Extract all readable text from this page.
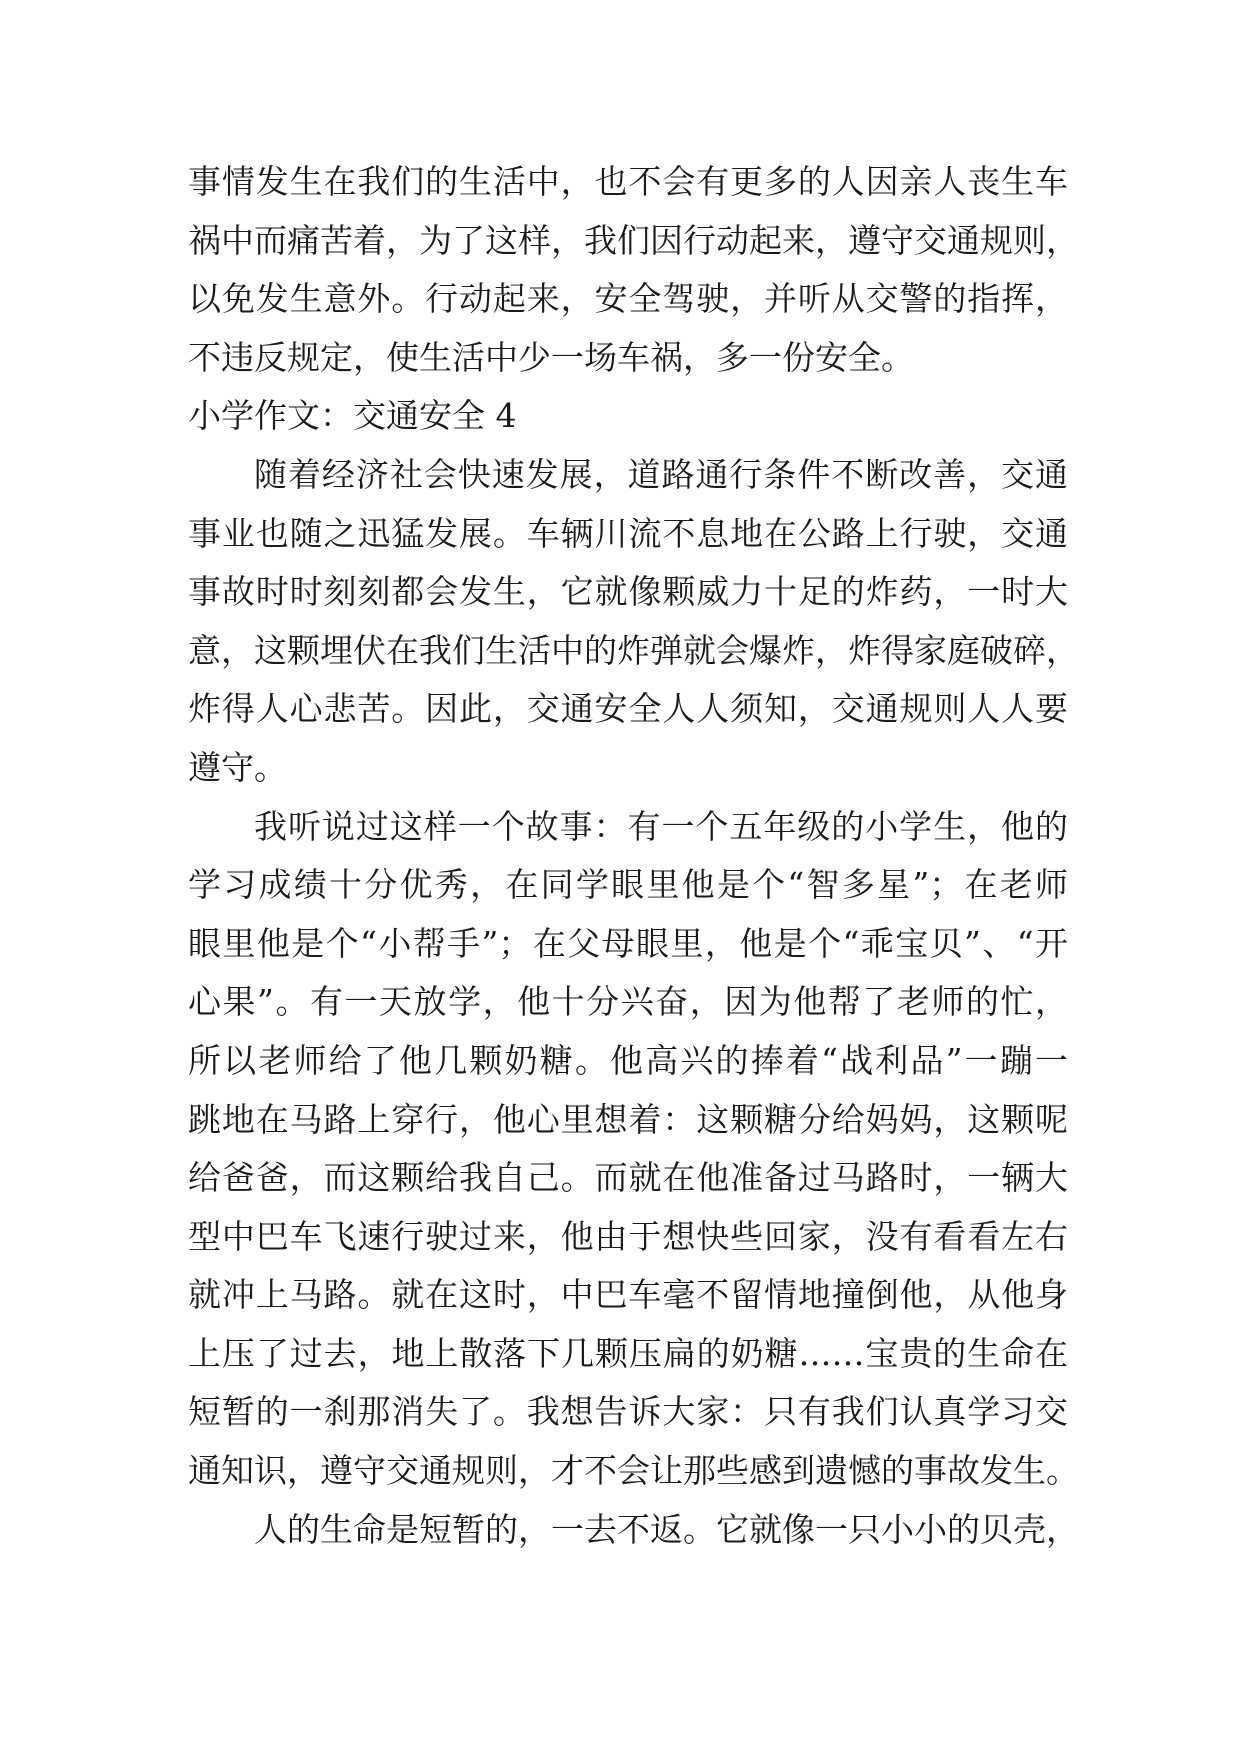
事情发生在我们的生活中，也不会有更多的人因亲人丧生车
祸中而痛苦着，为了这样，我们因行动起来，遵守交通规则，
以免发生意外。行动起来，安全驾驶，并听从交警的指挥，
不违反规定，使生活中少一场车祸，多一份安全。
小学作文：交通安全 4
随着经济社会快速发展，道路通行条件不断改善，交通
事业也随之迅猛发展。车辆川流不息地在公路上行驶，交通
事故时时刻刻都会发生，它就像颗威力十足的炸药，一时大
意，这颗埋伏在我们生活中的炸弹就会爆炸，炸得家庭破碎，
炸得人心悲苦。因此，交通安全人人须知，交通规则人人要
遵守。
我听说过这样一个故事：有一个五年级的小学生，他的
学习成绩十分优秀，在同学眼里他是个“智多星”；在老师
眼里他是个“小帮手”；在父母眼里，他是个“乖宝贝”、“开
心果”。有一天放学，他十分兴奋，因为他帮了老师的忙，
所以老师给了他几颗奶糖。他高兴的捧着“战利品”一蹦一
跳地在马路上穿行，他心里想着：这颗糖分给妈妈，这颗呢
给爸爸，而这颗给我自己。而就在他准备过马路时，一辆大
型中巴车飞速行驶过来，他由于想快些回家，没有看看左右
就冲上马路。就在这时，中巴车毫不留情地撞倒他，从他身
上压了过去，地上散落下几颗压扁的奶糖……宝贵的生命在
短暂的一刹那消失了。我想告诉大家：只有我们认真学习交
通知识，遵守交通规则，才不会让那些感到遗憾的事故发生。
人的生命是短暂的，一去不返。它就像一只小小的贝壳，
